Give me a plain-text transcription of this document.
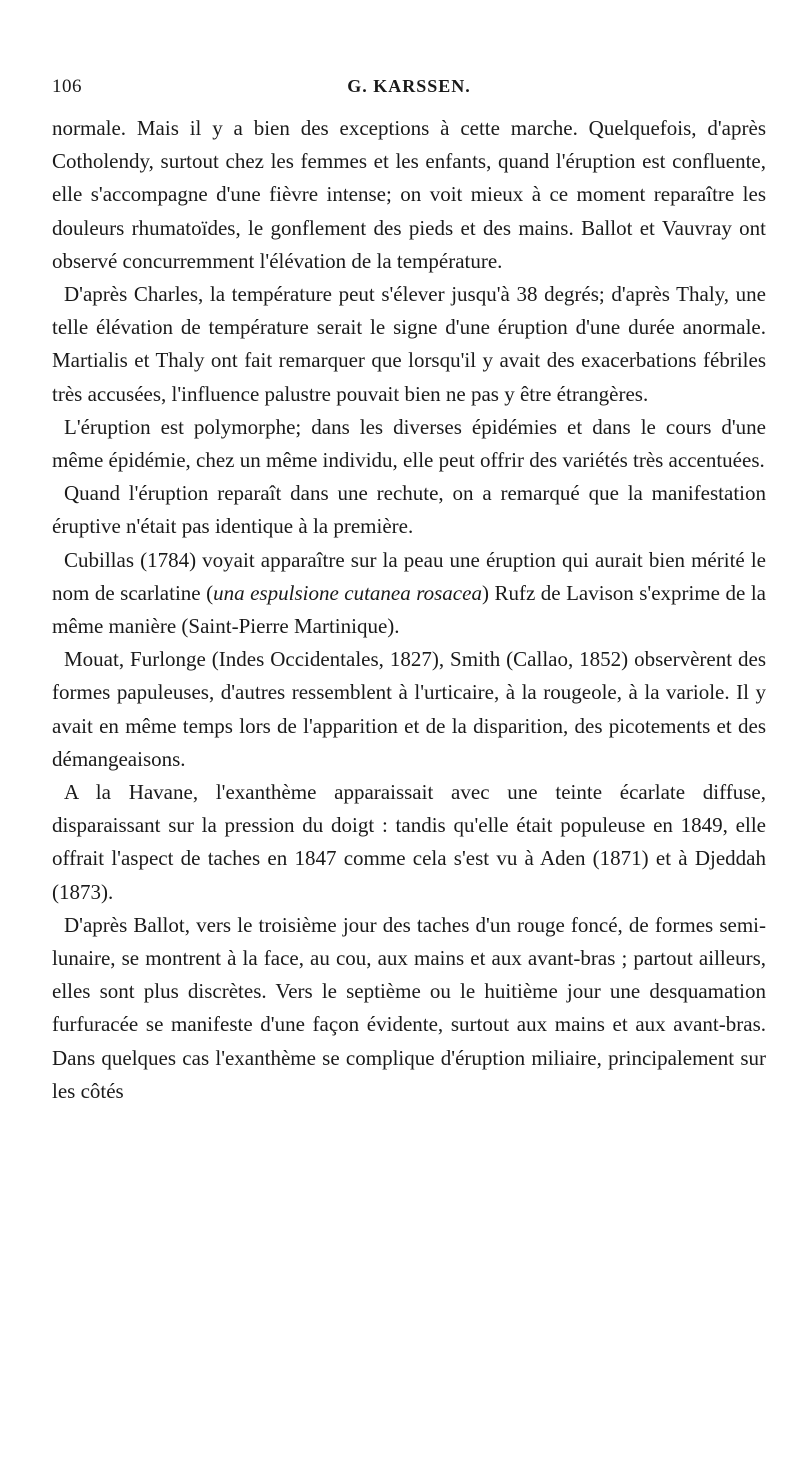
106	G. KARSSEN.

normale. Mais il y a bien des exceptions à cette marche. Quelquefois, d'après Cotholendy, surtout chez les femmes et les enfants, quand l'éruption est confluente, elle s'accompagne d'une fièvre intense; on voit mieux à ce moment reparaître les douleurs rhumatoïdes, le gonflement des pieds et des mains. Ballot et Vauvray ont observé concurremment l'élévation de la température.

D'après Charles, la température peut s'élever jusqu'à 38 degrés; d'après Thaly, une telle élévation de température serait le signe d'une éruption d'une durée anormale. Martialis et Thaly ont fait remarquer que lorsqu'il y avait des exacerbations fébriles très accusées, l'influence palustre pouvait bien ne pas y être étrangères.

L'éruption est polymorphe; dans les diverses épidémies et dans le cours d'une même épidémie, chez un même individu, elle peut offrir des variétés très accentuées.

Quand l'éruption reparaît dans une rechute, on a remarqué que la manifestation éruptive n'était pas identique à la première.

Cubillas (1784) voyait apparaître sur la peau une éruption qui aurait bien mérité le nom de scarlatine (una espulsione cutanea rosacea) Rufz de Lavison s'exprime de la même manière (Saint-Pierre Martinique).

Mouat, Furlonge (Indes Occidentales, 1827), Smith (Callao, 1852) observèrent des formes papuleuses, d'autres ressemblent à l'urticaire, à la rougeole, à la variole. Il y avait en même temps lors de l'apparition et de la disparition, des picotements et des démangeaisons.

A la Havane, l'exanthème apparaissait avec une teinte écarlate diffuse, disparaissant sur la pression du doigt : tandis qu'elle était populeuse en 1849, elle offrait l'aspect de taches en 1847 comme cela s'est vu à Aden (1871) et à Djeddah (1873).

D'après Ballot, vers le troisième jour des taches d'un rouge foncé, de formes semi-lunaire, se montrent à la face, au cou, aux mains et aux avant-bras ; partout ailleurs, elles sont plus discrètes. Vers le septième ou le huitième jour une desquamation furfuracée se manifeste d'une façon évidente, surtout aux mains et aux avant-bras. Dans quelques cas l'exanthème se complique d'éruption miliaire, principalement sur les côtés
